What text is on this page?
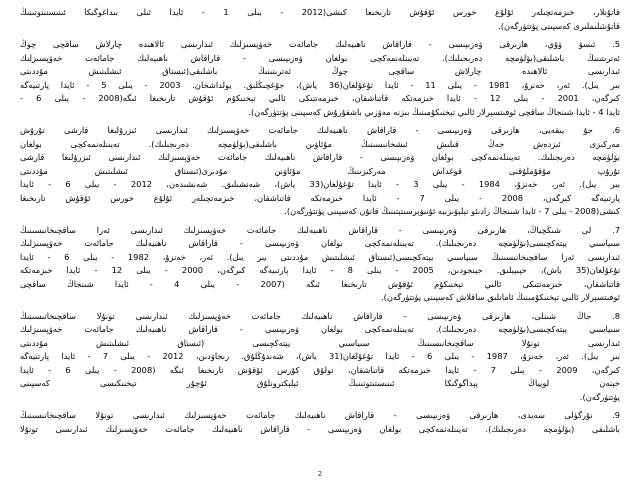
قانۇنلار، خىزمەتچىلەر ئۇلۇغ خورس ئۇقۇش تارىخىغا كىشى(2012 - يىلى 1 - ئايدا ئىلى بىداغوگىكا ئىنىستىتوتىنىڭ
قانۇنئىلىملىرى كەسپىنى پۈتتۈرگەن).
5. ئىسۋ ۋۇي، ھازىرقى ۋەزىپىسى - قاراقاش ناھىيەلىك جامائەت خەۋپسىزلىك ئىدارىسى ئالاھىدە چارلاش ساقچى چوڭ
ئەترىتىنىڭ باشلىقى(بۆلۈمچە دەرىجىلىك). تەيىنلەنمەكچى بولغان ۋەزىپىسى - قاراقاش ناھىيەلىك جامائەت خەۋپسىزلىك
ئىدارىسى ئالاھىدە چارلاش ساقچى چوڭ ئەترىتىنىڭ باشلىقى(ئىستاق ئىشلىتىش مۇددىتى
بىر يىل). ئەر، خەنزۇ، 1981 - يىلى 11 - ئايدا تۇغۇلغان(36 ياش)، جۇغچىڭلىق. يولداشخان. 2003 - يىلى 5 - ئايدا پارتىيەگە
كىرگەن، 2001 - يىلى 12 - ئايدا خىزمەتكە قاتناشقان، خىزمەتتىكى ئالىي تېخنىكۇم ئۇقۇش تارىخىغا ئىگە(2008 - يىلى 6 -
ئايدا 4 - ئايدا شىنجاڭ ساقچى ئوفىتسېرلار ئالىي تېخنىكۇمىنىڭ بىزنە مەۋزىي باشقۇرۇش كەسپىنى پۈتتۈرگەن).
6. جۇ يىقەيى، ھازىرقى ۋەزىپىسى - قاراقاش ناھىيەلىك جامائەت خەۋپسىزلىك ئىدارىسى ئىزرۇلىغا قارشى تۇرۇش
مەركىزى ئىزدەش جەڭ قىلىش ئىشخانىسىنىڭ مۇئاۋىن باشلىقى(بۆلۈمچە دەرىجىلىك). تەيىنلەنمەكچى بولغان
بۆلۈمچە دەرىجىلىك. تەيىنلەنمەكچى بولغان ۋەزىپىسى - قاراقاش ناھىيەلىك جامائەت خەۋپسىزلىك ئىدارىسى ئىزرۇلىغا قارشى
تۇرۇپ مۇقۇملۇقنى قوغداش مەركىزىنىڭ مۇئاۋىن مۇدىرى(ئىستاق ئىشلىتىش مۇددىتى
بىر يىل). ئەر، خەنزۇ، 1984 - يىلى 3 - ئايدا تۇغۇلغان(33 ياش)، شەنشىلىق. شەنشىدەن، 2012 - يىلى 6 - ئايدا
پارتىيەگە كىرگەن، 2008 - يىلى 7 - ئايدا خىزمەتكە قاتناشقان، خىزمەتچىلەر ئۇلۇغ خورس ئۇقۇش تارىخىغا
كىشى(2008 - يىلى 7 - ئايدا شىنجاڭ رادىئو تېلېۋىزىيە ئۇنىۋېرسىتېتىنىڭ قانۇن كەسپىنى پۈتتۈرگەن).
7. لى شىڭچياڭ، ھازىرقى ۋەزىپىسى - قاراقاش ناھىيەلىك جامائەت خەۋپسىزلىك ئىدارىسى ئەزا ساقچىخانىسىنىڭ
سىياسىي يېتەكچىسى(بۆلۈمچە دەرىجىلىك). تەيىنلەنمەكچى بولغان ۋەزىپىسى - قاراقاش ناھىيەلىك جامائەت خەۋپسىزلىك
ئىدارىسى ئەزا ساقچىخانىسىنىڭ سىياسىي يېتەكچىسى(ئىستاق ئىشلىتىش مۇددىتى بىر يىل). ئەر، خەنزۇ، 1982 - يىلى 6 - ئايدا
تۇغۇلغان(35 ياش)، خېبېيلىق. جېنجودىن، 2005 - يىلى 8 - ئايدا پارتىيەگە كىرگەن، 2000 - يىلى 12 - ئايدا خىزمەتكە
قاتناشقان، خىزمەتتىكى ئالىي تېخنىكۇم ئۇقۇش تارىخىغا ئىگە (2007 - يىلى 4 - ئايدا شىنجاڭ ساقچى
ئوفىتسېرلار ئالىي تېخنىكۇمىنىڭ ئامانلىق ساقلاش كەسپىنى پۈتتۈرگەن).
8. جاڭ شىنلى، ھازىرقى ۋەزىپىسى - قاراقاش ناھىيەلىك جامائەت خەۋپسىزلىك ئىدارىسى تونۇلا ساقچىخانىسىنىڭ
سىياسىي يېتەكچىسى(بۆلۈمچە دەرىجىلىك). تەيىنلەنمەكچى بولغان ۋەزىپىسى - قاراقاش ناھىيەلىك جامائەت خەۋپسىزلىك
ئىدارىسى تونۇلا ساقچىخانىسىنىڭ سىياسىي يېتەكچىسى (ئىستاق ئىشلىتىش مۇددىتى
بىر يىل). ئەر، خەنزۇ، 1987 - يىلى 6 - ئايدا تۇغۇلغان(31 ياش)، شەندۇڭلۇق. رىجاۋدىن، 2012 - يىلى 7 - ئايدا پارتىيەگە
كىرگەن، 2009 - يىلى 7 - ئايدا خىزمەتكە قاتناشقان، تولۇق كۇرس ئۇقۇش تارىخىغا ئىگە (2008 - يىلى 6 - ئايدا
خېنەن لويياڭ پېداگوگىكا ئىنىستىتوتىنىڭ ئېلېكترونلۇق ئۇچۇر تېخنىكىسى كەسپىنى
پۈتتۈرگەن).
9. نۇرگۈلى سەيدى، ھازىرقى ۋەزىپىسى - قاراقاش ناھىيەلىك جامائەت خەۋپسىزلىك ئىدارىسى تونۇلا ساقچىخانىسىنىڭ
باشلىقى (بۆلۈمچە دەرىجىلىك). تەيىنلەنمەكچى بولغان ۋەزىپىسى - قاراقاش ناھىيەلىك جامائەت خەۋپسىزلىك ئىدارىسى تونۇلا
2
